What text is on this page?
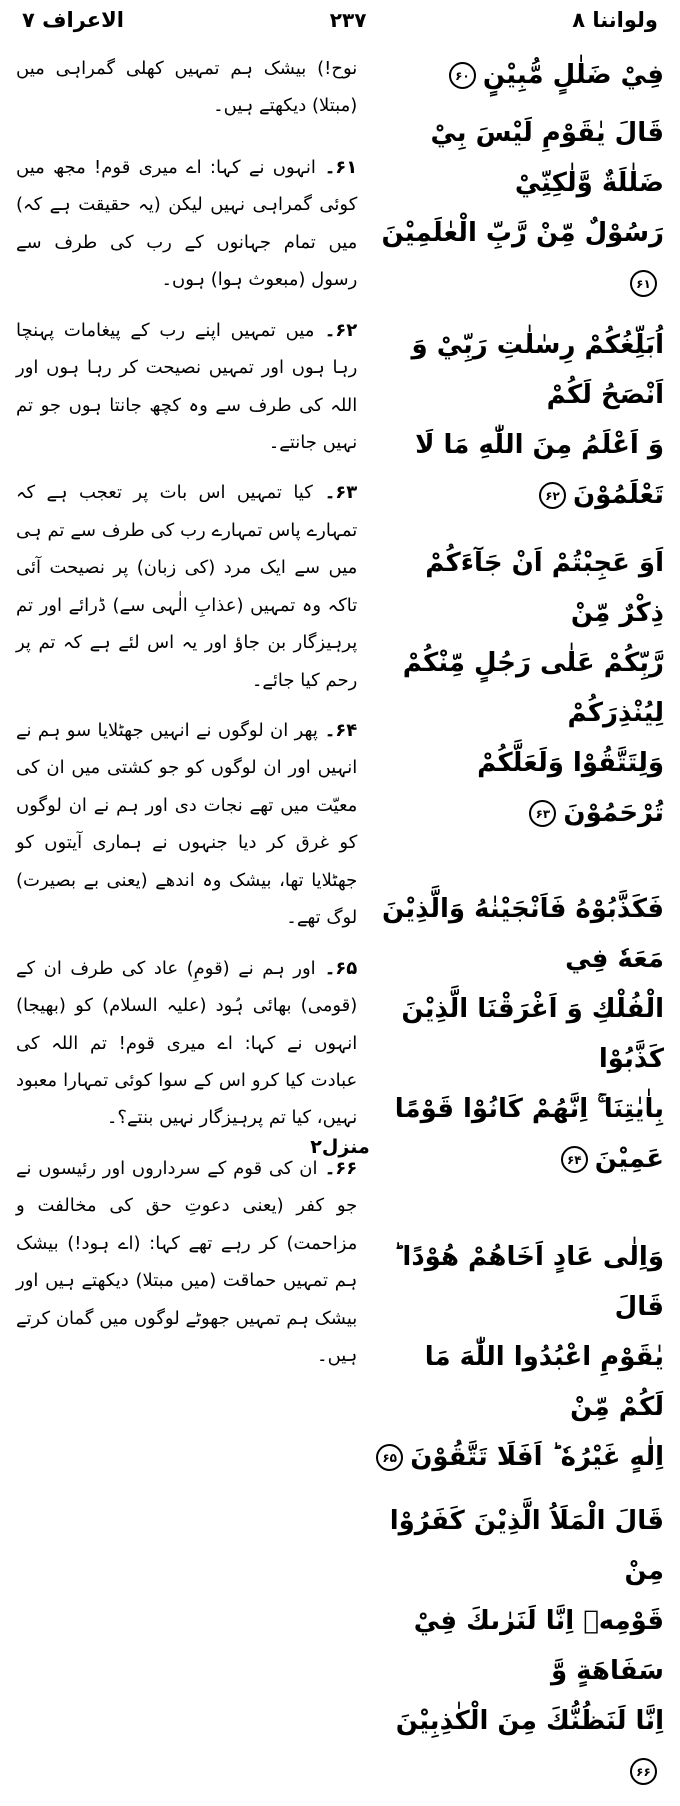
ولواننا ۸
۲۳۷
الاعراف ۷
فِيْ ضَلٰلٍ مُّبِيْنٍ۶۰
قَالَ يٰقَوْمِ لَيْسَ بِيْ ضَلٰلَةٌ وَّلٰكِنِّيْ
رَسُوْلٌ مِّنْ رَّبِّ الْعٰلَمِيْنَ۶۱
اُبَلِّغُكُمْ رِسٰلٰتِ رَبِّيْ وَ اَنْصَحُ لَكُمْ
وَ اَعْلَمُ مِنَ اللّٰهِ مَا لَا تَعْلَمُوْنَ۶۲
اَوَ عَجِبْتُمْ اَنْ جَآءَكُمْ ذِكْرٌ مِّنْ
رَّبِّكُمْ عَلٰى رَجُلٍ مِّنْكُمْ لِيُنْذِرَكُمْ
وَلِتَتَّقُوْا وَلَعَلَّكُمْ تُرْحَمُوْنَ۶۳
فَكَذَّبُوْهُ فَاَنْجَيْنٰهُ وَالَّذِيْنَ مَعَهٗ فِي
الْفُلْكِ وَ اَغْرَقْنَا الَّذِيْنَ كَذَّبُوْا
بِاٰيٰتِنَا ۚ اِنَّهُمْ كَانُوْا قَوْمًا عَمِيْنَ۶۴
وَاِلٰى عَادٍ اَخَاهُمْ هُوْدًا ؕ قَالَ
يٰقَوْمِ اعْبُدُوا اللّٰهَ مَا لَكُمْ مِّنْ
اِلٰهٍ غَيْرُهٗ ؕ اَفَلَا تَتَّقُوْنَ۶۵
قَالَ الْمَلَاُ الَّذِيْنَ كَفَرُوْا مِنْ
قَوْمِهٖ اِنَّا لَنَرٰىكَ فِيْ سَفَاهَةٍ وَّ
اِنَّا لَنَظُنُّكَ مِنَ الْكٰذِبِيْنَ۶۶

نوح!) بیشک ہم تمہیں کھلی گمراہی میں (مبتلا) دیکھتے ہیں۔

۶۱۔ انہوں نے کہا: اے میری قوم! مجھ میں کوئی گمراہی نہیں لیکن (یہ حقیقت ہے کہ) میں تمام جہانوں کے رب کی طرف سے رسول (مبعوث ہوا) ہوں۔

۶۲۔ میں تمہیں اپنے رب کے پیغامات پہنچا رہا ہوں اور تمہیں نصیحت کر رہا ہوں اور اللہ کی طرف سے وہ کچھ جانتا ہوں جو تم نہیں جانتے۔

۶۳۔ کیا تمہیں اس بات پر تعجب ہے کہ تمہارے پاس تمہارے رب کی طرف سے تم ہی میں سے ایک مرد (کی زبان) پر نصیحت آئی تاکہ وہ تمہیں (عذابِ الٰہی سے) ڈرائے اور تم پرہیزگار بن جاؤ اور یہ اس لئے ہے کہ تم پر رحم کیا جائے۔

۶۴۔ پھر ان لوگوں نے انہیں جھٹلایا سو ہم نے انہیں اور ان لوگوں کو جو کشتی میں ان کی معیّت میں تھے نجات دی اور ہم نے ان لوگوں کو غرق کر دیا جنہوں نے ہماری آیتوں کو جھٹلایا تھا، بیشک وہ اندھے (یعنی بے بصیرت) لوگ تھے۔

۶۵۔ اور ہم نے (قومِ) عاد کی طرف ان کے (قومی) بھائی ہُود (علیہ السلام) کو (بھیجا) انہوں نے کہا: اے میری قوم! تم اللہ کی عبادت کیا کرو اس کے سوا کوئی تمہارا معبود نہیں، کیا تم پرہیزگار نہیں بنتے؟۔

۶۶۔ ان کی قوم کے سرداروں اور رئیسوں نے جو کفر (یعنی دعوتِ حق کی مخالفت و مزاحمت) کر رہے تھے کہا: (اے ہود!) بیشک ہم تمہیں حماقت (میں مبتلا) دیکھتے ہیں اور بیشک ہم تمہیں جھوٹے لوگوں میں گمان کرتے ہیں۔

منزل۲
